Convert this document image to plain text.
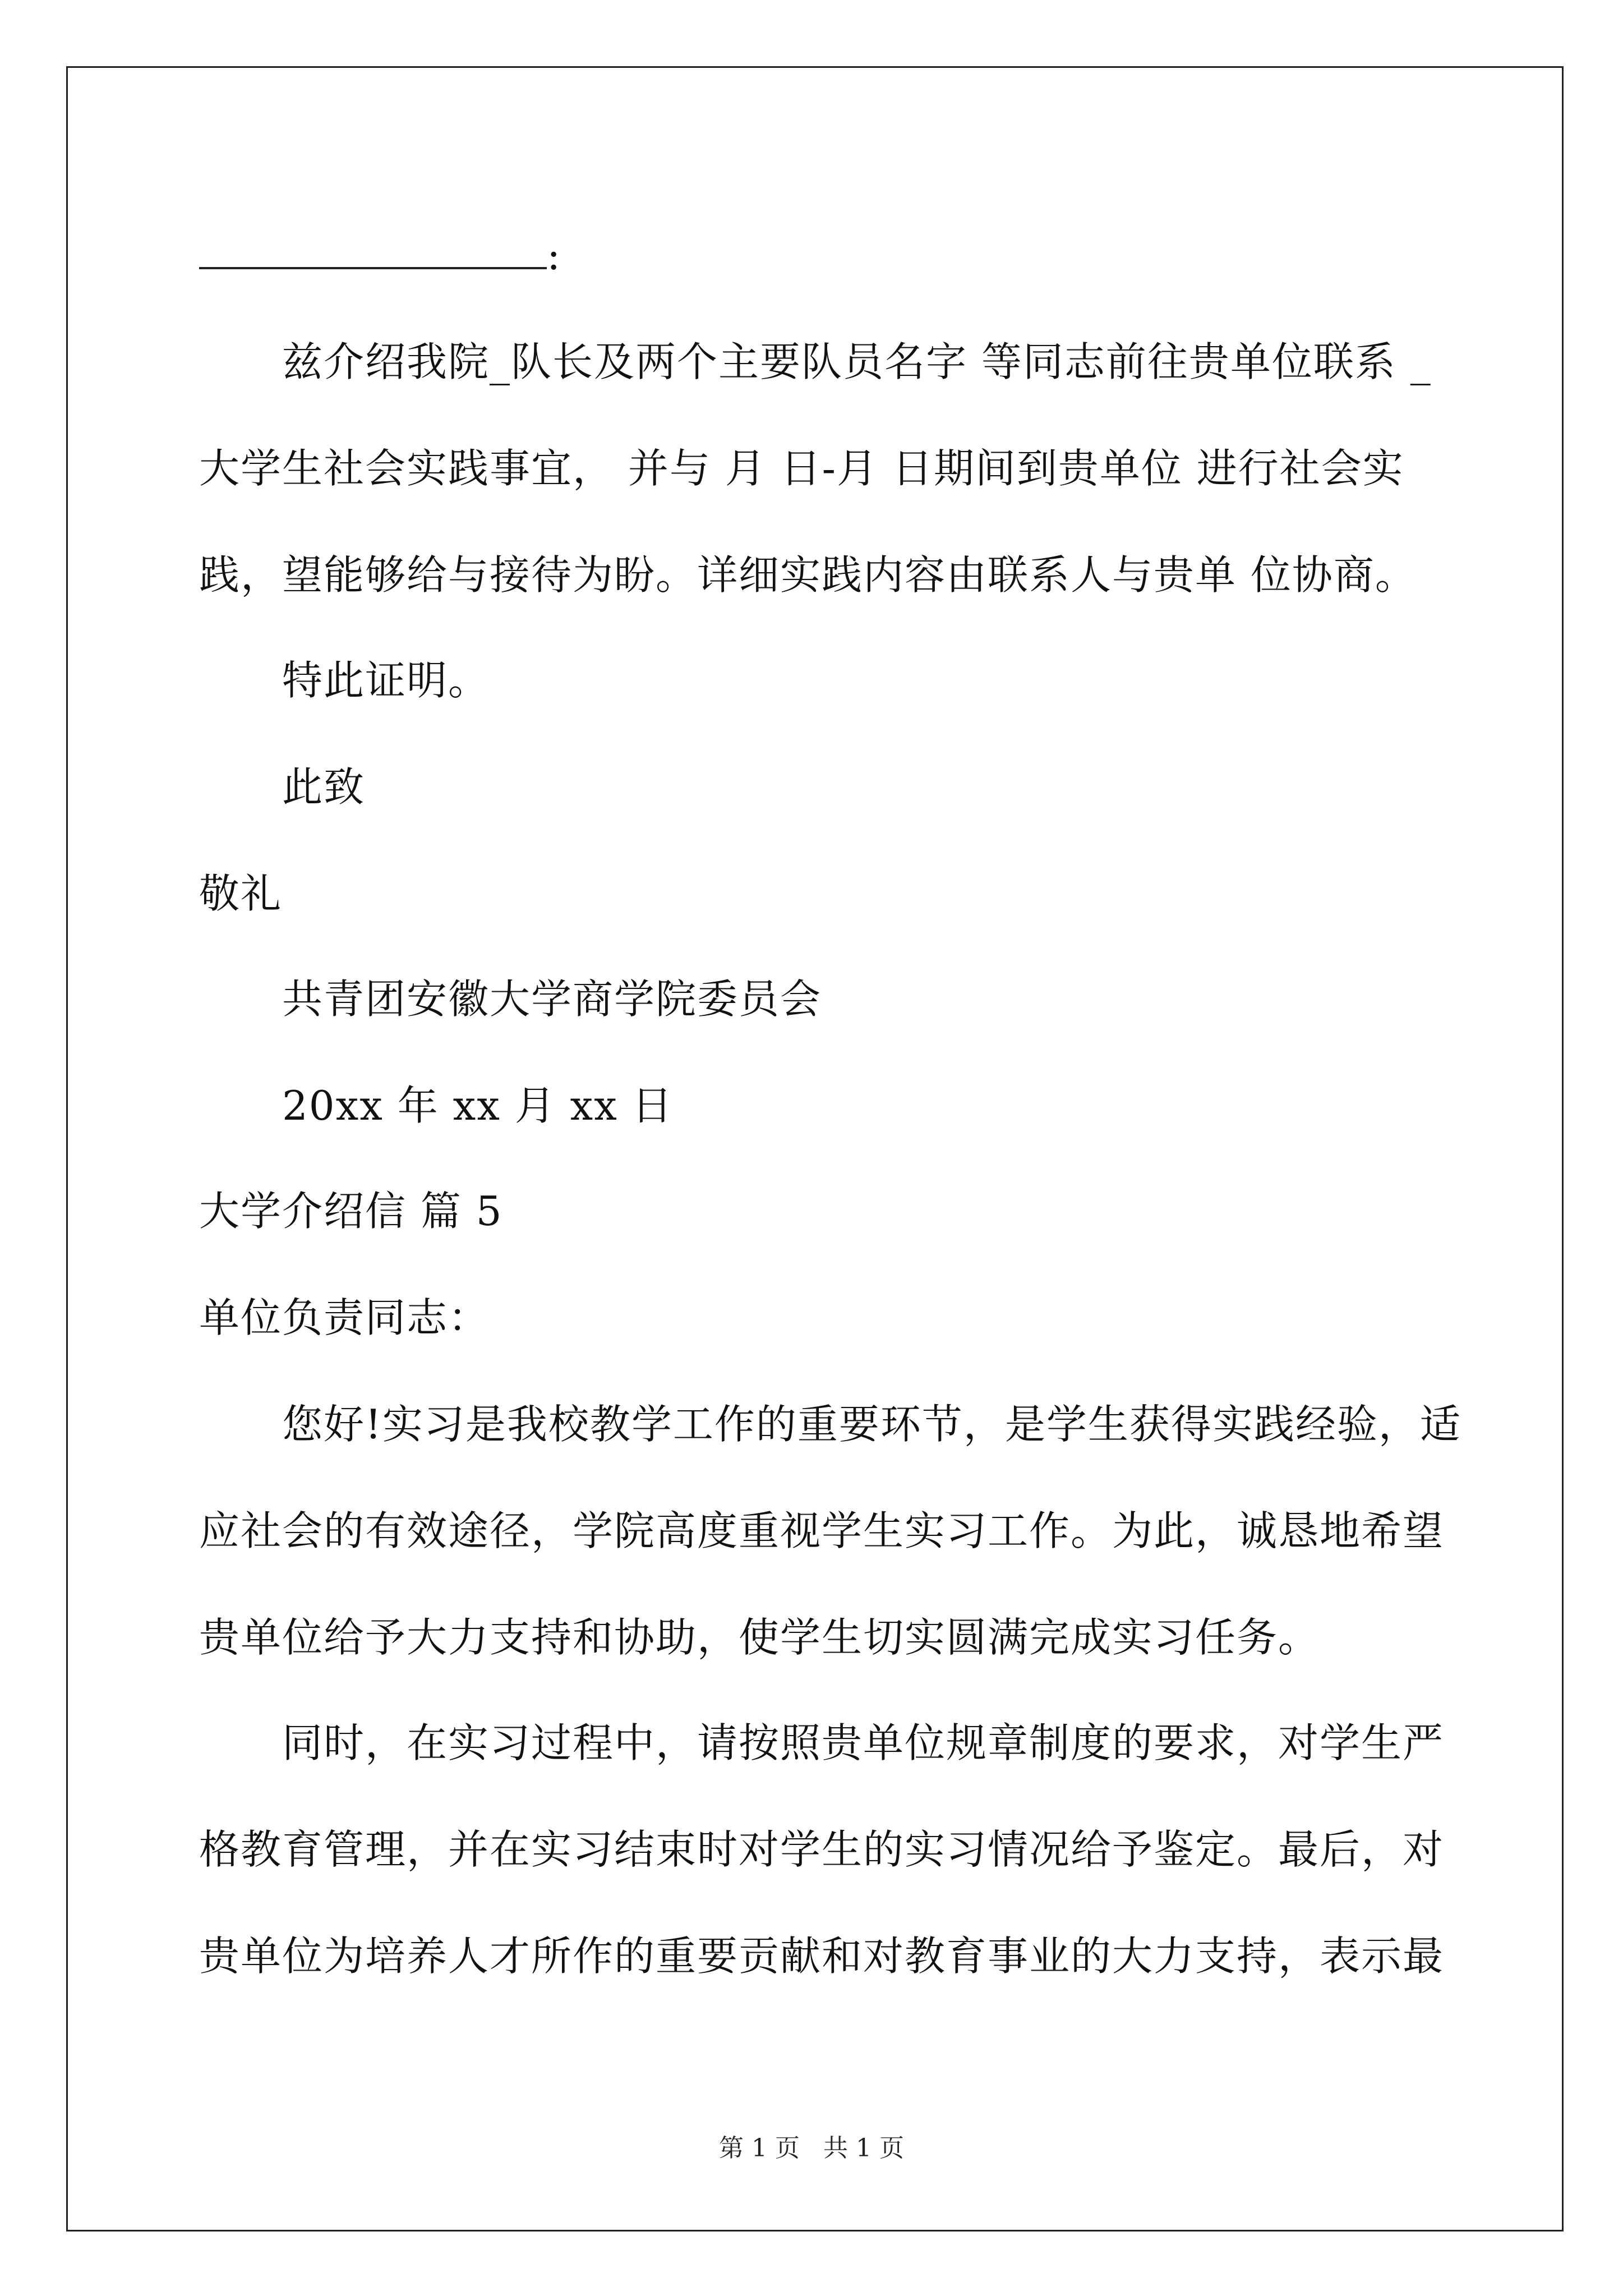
:
兹介绍我院_队长及两个主要队员名字 等同志前往贵单位联系 _
大学生社会实践事宜， 并与 月 日-月 日期间到贵单位 进行社会实
践，望能够给与接待为盼。详细实践内容由联系人与贵单 位协商。
特此证明。
此致
敬礼
共青团安徽大学商学院委员会
20xx 年 xx 月 xx 日
大学介绍信 篇 5
单位负责同志：
您好!实习是我校教学工作的重要环节，是学生获得实践经验，适
应社会的有效途径，学院高度重视学生实习工作。为此，诚恳地希望
贵单位给予大力支持和协助，使学生切实圆满完成实习任务。
同时，在实习过程中，请按照贵单位规章制度的要求，对学生严
格教育管理，并在实习结束时对学生的实习情况给予鉴定。最后，对
贵单位为培养人才所作的重要贡献和对教育事业的大力支持，表示最
第 1 页   共 1 页
